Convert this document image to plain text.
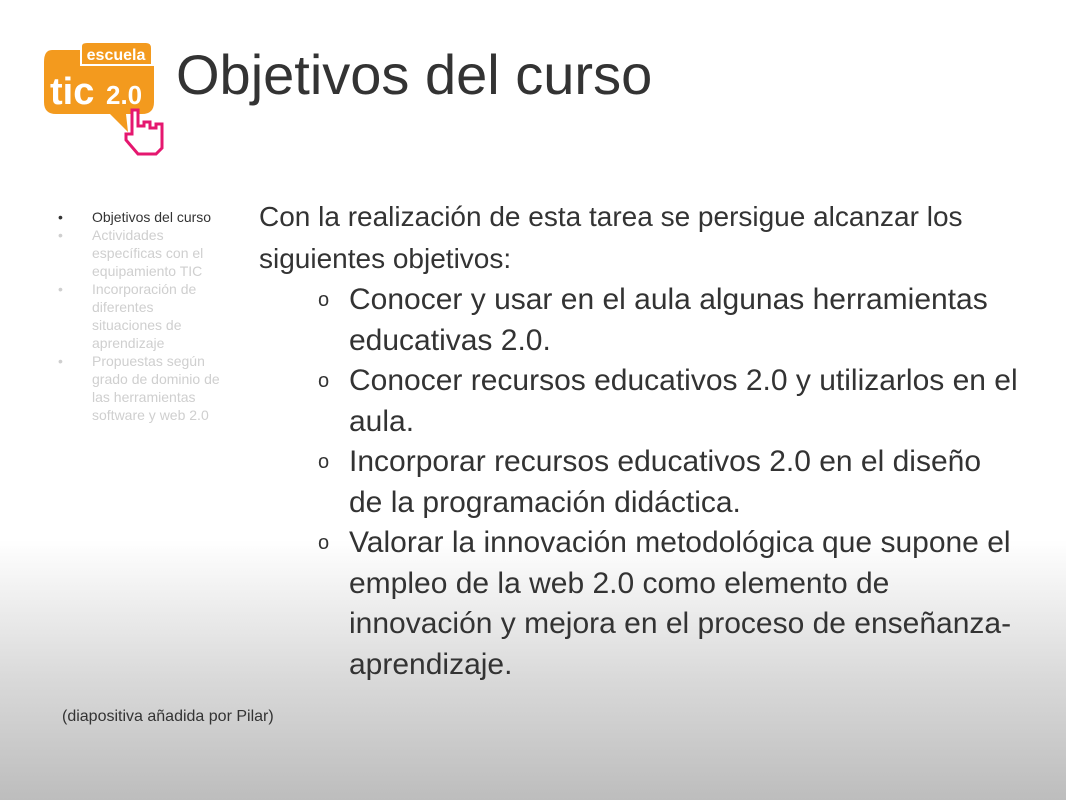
escuela
tic 2.0 Objetivos del curso
•	Objetivos del curso
•	Actividades específicas con el equipamiento TIC
•	Incorporación de diferentes situaciones de aprendizaje
•	Propuestas según grado de dominio de las herramientas software y web 2.0

Con la realización de esta tarea se persigue alcanzar los siguientes objetivos:

o Conocer y usar en el aula algunas herramientas educativas 2.0.
o Conocer recursos educativos 2.0 y utilizarlos en el aula.
o Incorporar recursos educativos 2.0 en el diseño de la programación didáctica.
o Valorar la innovación metodológica que supone el empleo de la web 2.0 como elemento de innovación y mejora en el proceso de enseñanza-aprendizaje.
(diapositiva añadida por Pilar)
